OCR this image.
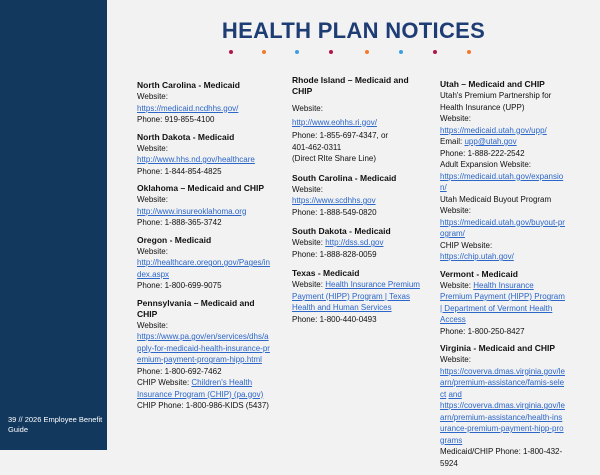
39 // 2026 Employee Benefit Guide
HEALTH PLAN NOTICES
North Carolina - Medicaid
Website:
https://medicaid.ncdhhs.gov/
Phone: 919-855-4100
North Dakota - Medicaid
Website:
http://www.hhs.nd.gov/healthcare
Phone: 1-844-854-4825
Oklahoma – Medicaid and CHIP
Website:
http://www.insureoklahoma.org
Phone: 1-888-365-3742
Oregon - Medicaid
Website:
http://healthcare.oregon.gov/Pages/index.aspx
Phone: 1-800-699-9075
Pennsylvania – Medicaid and CHIP
Website:
https://www.pa.gov/en/services/dhs/apply-for-medicaid-health-insurance-premium-payment-program-hipp.html
Phone: 1-800-692-7462
CHIP Website: Children's Health Insurance Program (CHIP) (pa.gov)
CHIP Phone: 1-800-986-KIDS (5437)
Rhode Island – Medicaid and CHIP
Website:
http://www.eohhs.ri.gov/
Phone: 1-855-697-4347, or
401-462-0311
(Direct RIte Share Line)
South Carolina - Medicaid
Website:
https://www.scdhhs.gov
Phone: 1-888-549-0820
South Dakota - Medicaid
Website: http://dss.sd.gov
Phone: 1-888-828-0059
Texas - Medicaid
Website: Health Insurance Premium Payment (HIPP) Program | Texas Health and Human Services
Phone: 1-800-440-0493
Utah – Medicaid and CHIP
Utah's Premium Partnership for Health Insurance (UPP)
Website:
https://medicaid.utah.gov/upp/
Email: upp@utah.gov
Phone: 1-888-222-2542
Adult Expansion Website:
https://medicaid.utah.gov/expansion/
Utah Medicaid Buyout Program Website:
https://medicaid.utah.gov/buyout-program/
CHIP Website:
https://chip.utah.gov/
Vermont - Medicaid
Website: Health Insurance Premium Payment (HIPP) Program | Department of Vermont Health Access
Phone: 1-800-250-8427
Virginia - Medicaid and CHIP
Website:
https://coverva.dmas.virginia.gov/learn/premium-assistance/famis-select and
https://coverva.dmas.virginia.gov/learn/premium-assistance/health-insurance-premium-payment-hipp-programs
Medicaid/CHIP Phone: 1-800-432-5924
